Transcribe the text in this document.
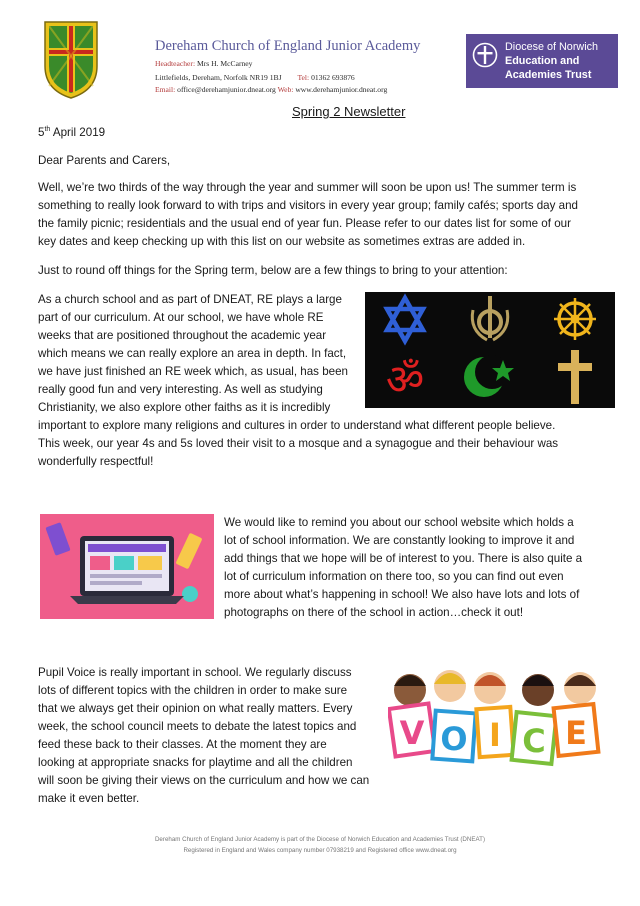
Dereham Church of England Junior Academy
Headteacher: Mrs H. McCarney
Littlefields, Dereham, Norfolk NR19 1BJ Tel: 01362 693876
Email: office@derehamjunior.dneat.org Web: www.derehamjunior.dneat.org
Diocese of Norwich
Education and
Academies Trust
Spring 2 Newsletter

5th April 2019

Dear Parents and Carers,

Well, we’re two thirds of the way through the year and summer will soon be upon us! The summer term is

something to really look forward to with trips and visitors in every year group; family cafés; sports day and

the family picnic; residentials and the usual end of year fun. Please refer to our dates list for some of our

key dates and keep checking up with this list on our website as sometimes extras are added in.

Just to round off things for the Spring term, below are a few things to bring to your attention:

As a church school and as part of DNEAT, RE plays a large

part of our curriculum. At our school, we have whole RE

weeks that are positioned throughout the academic year

which means we can really explore an area in depth. In fact,

we have just finished an RE week which, as usual, has been

really good fun and very interesting. As well as studying

Christianity, we also explore other faiths as it is incredibly

important to explore many religions and cultures in order to understand what different people believe.

This week, our year 4s and 5s loved their visit to a mosque and a synagogue and their behaviour was

wonderfully respectful!

ॐ

We would like to remind you about our school website which holds a

lot of school information. We are constantly looking to improve it and

add things that we hope will be of interest to you. There is also quite a

lot of curriculum information on there too, so you can find out even

more about what’s happening in school! We also have lots and lots of

photographs on there of the school in action…check it out!

Pupil Voice is really important in school. We regularly discuss

lots of different topics with the children in order to make sure

that we always get their opinion on what really matters. Every

week, the school council meets to debate the latest topics and

feed these back to their classes. At the moment they are

looking at appropriate snacks for playtime and all the children

will soon be giving their views on the curriculum and how we can

make it even better.

V O I C E
Dereham Church of England Junior Academy is part of the Diocese of Norwich Education and Academies Trust (DNEAT)
Registered in England and Wales company number 07938219 and Registered office www.dneat.org
